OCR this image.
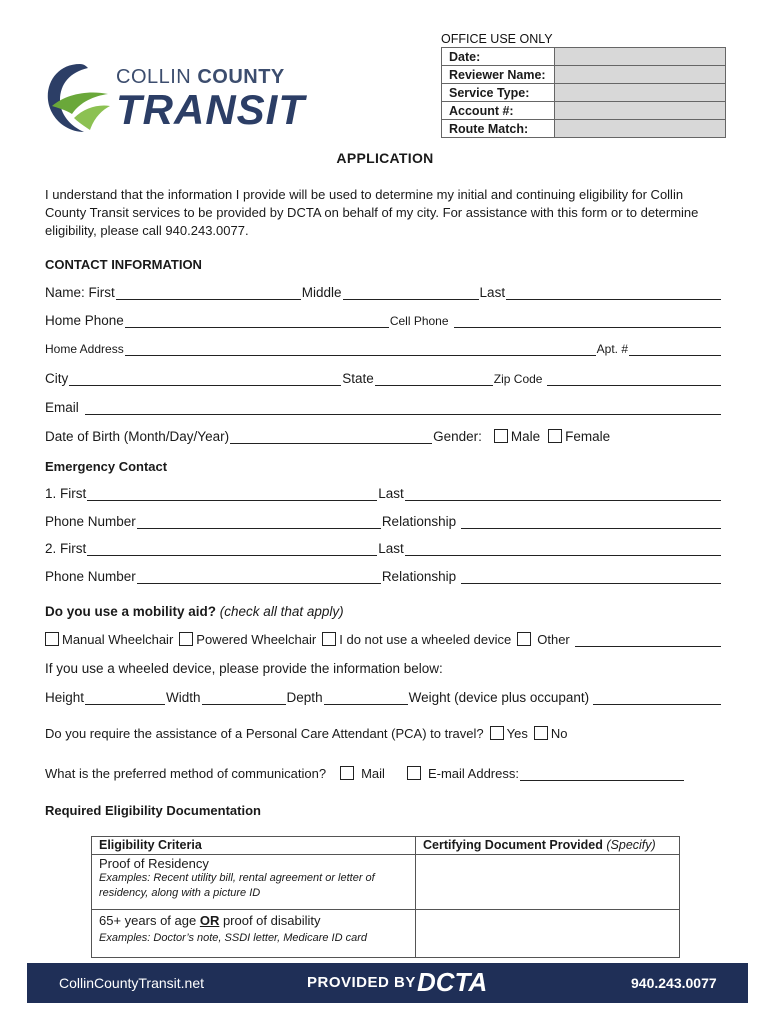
COLLIN COUNTY
TRANSIT
OFFICE USE ONLY
Date:	
Reviewer Name:	
Service Type:	
Account #:	
Route Match:	
APPLICATION
I understand that the information I provide will be used to determine my initial and continuing eligibility for Collin County Transit services to be provided by DCTA on behalf of my city. For assistance with this form or to determine eligibility, please call 940.243.0077.
CONTACT INFORMATION
Name: First	Middle	Last
Home Phone	Cell Phone
Home Address	Apt. #
City	State	Zip Code
Email
Date of Birth (Month/Day/Year)	Gender: Male Female
Emergency Contact
1. First	Last
Phone Number	Relationship
2. First	Last
Phone Number	Relationship
Do you use a mobility aid? (check all that apply)
Manual Wheelchair Powered Wheelchair I do not use a wheeled device Other
If you use a wheeled device, please provide the information below:
Height	Width	Depth	Weight (device plus occupant)
Do you require the assistance of a Personal Care Attendant (PCA) to travel? Yes No
What is the preferred method of communication?	Mail	E-mail Address:
Required Eligibility Documentation
Eligibility Criteria	Certifying Document Provided (Specify)

Proof of Residency
Examples: Recent utility bill, rental agreement or letter of residency, along with a picture ID	

65+ years of age OR proof of disability
Examples: Doctor’s note, SSDI letter, Medicare ID card	

CollinCountyTransit.net	PROVIDED BY DCTA	940.243.0077
